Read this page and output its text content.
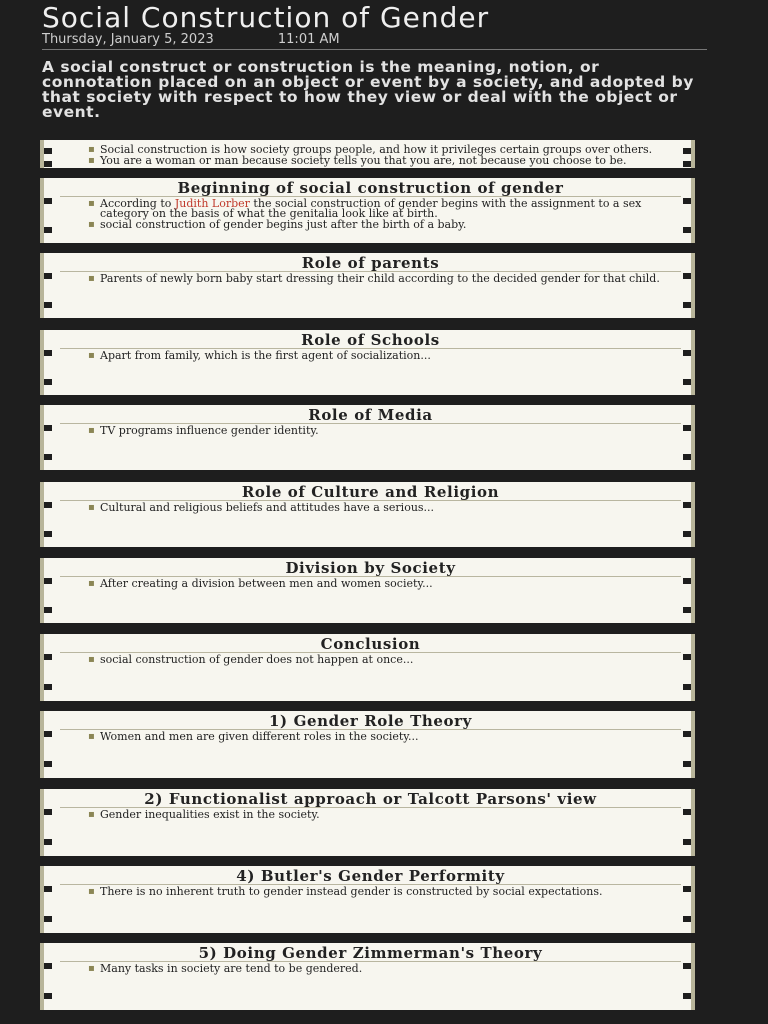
Social Construction of Gender
Thursday, January 5, 2023	11:01 AM
A social construct or construction is the meaning, notion, or connotation placed on an object or event by a society, and adopted by that society with respect to how they view or deal with the object or event.
▪ Social construction is how society groups people, and how it privileges certain groups over others.
▪ You are a woman or man because society tells you that you are, not because you choose to be.
Beginning of social construction of gender
▪ According to Judith Lorber the social construction of gender begins with the assignment to a sex category on the basis of what the genitalia look like at birth.
▪ social construction of gender begins just after the birth of a baby.
Role of parents
▪ Parents of newly born baby start dressing their child according to the decided gender for that child.
Role of Schools
▪ Apart from family, which is the first agent of socialization...
Role of Media
▪ TV programs influence gender identity.
Role of Culture and Religion
▪ Cultural and religious beliefs and attitudes have a serious...
Division by Society
▪ After creating a division between men and women society...
Conclusion
▪ social construction of gender does not happen at once...
1) Gender Role Theory
▪ Women and men are given different roles in the society...
2) Functionalist approach or Talcott Parsons' view
▪ Gender inequalities exist in the society.
4) Butler's Gender Performity
▪ There is no inherent truth to gender instead gender is constructed by social expectations.
5) Doing Gender Zimmerman's Theory
▪ Many tasks in society are tend to be gendered.
